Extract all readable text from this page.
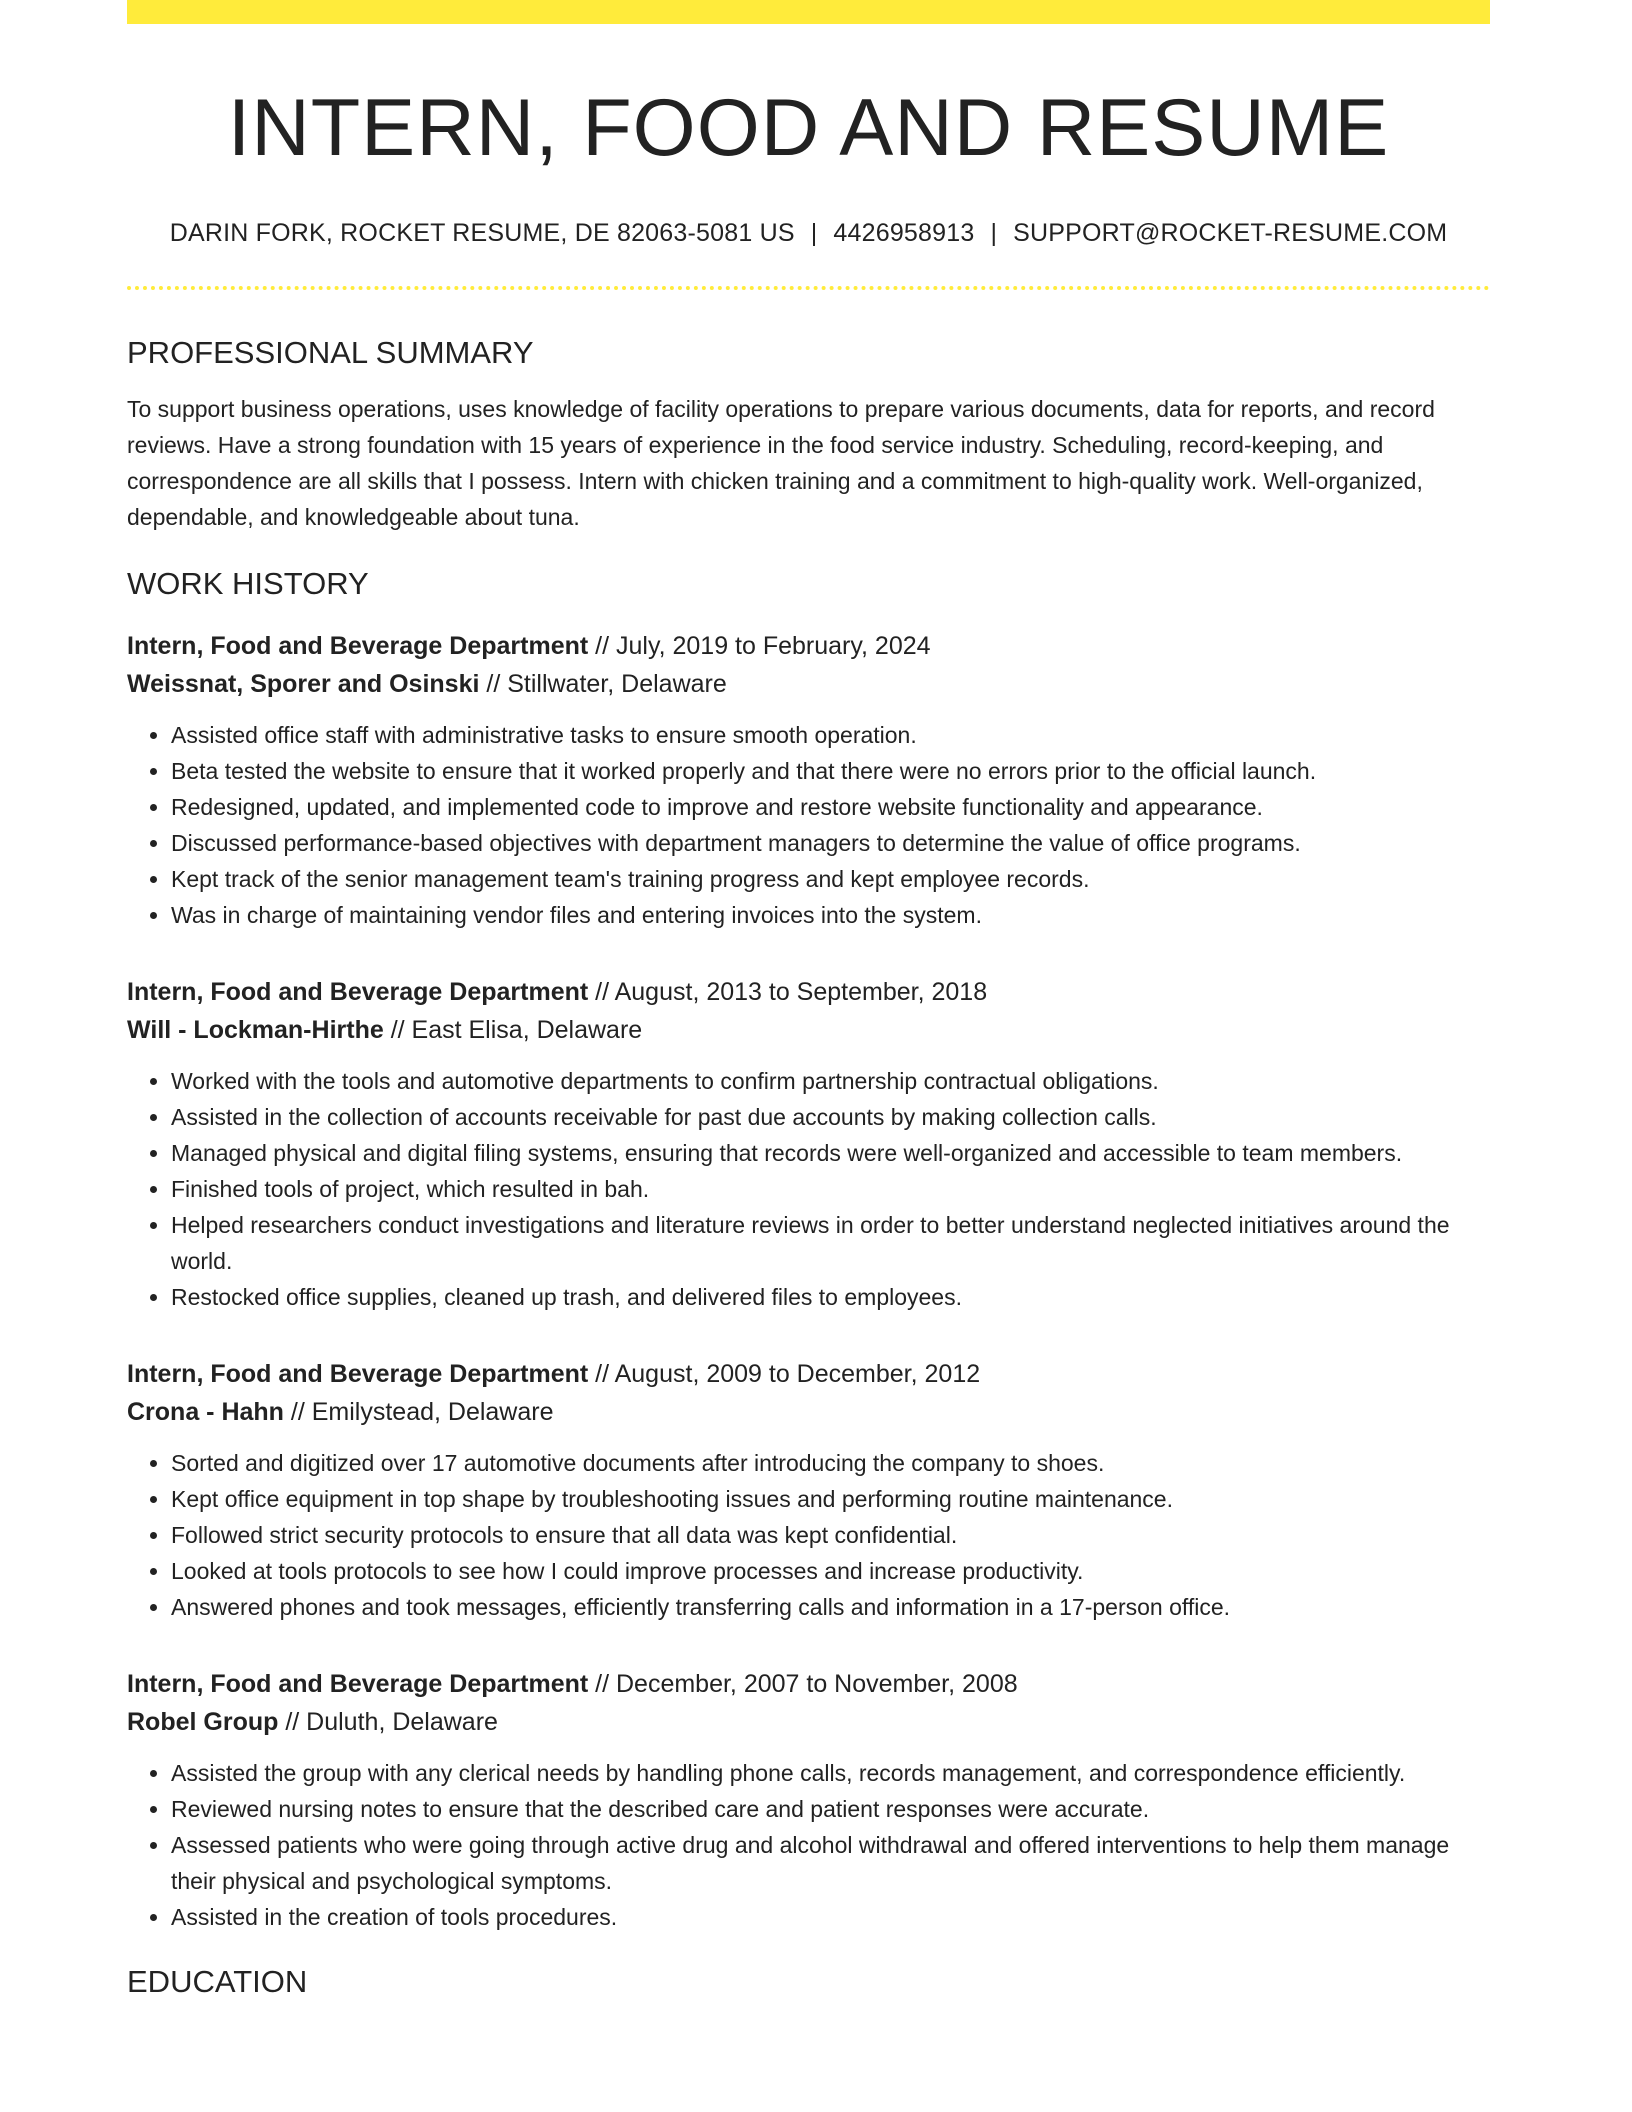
INTERN, FOOD AND RESUME
DARIN FORK, ROCKET RESUME, DE 82063-5081 US | 4426958913 | SUPPORT@ROCKET-RESUME.COM
PROFESSIONAL SUMMARY

To support business operations, uses knowledge of facility operations to prepare various documents, data for reports, and record reviews. Have a strong foundation with 15 years of experience in the food service industry. Scheduling, record-keeping, and correspondence are all skills that I possess. Intern with chicken training and a commitment to high-quality work. Well-organized, dependable, and knowledgeable about tuna.

WORK HISTORY
Intern, Food and Beverage Department // July, 2019 to February, 2024
Weissnat, Sporer and Osinski // Stillwater, Delaware
• Assisted office staff with administrative tasks to ensure smooth operation.
• Beta tested the website to ensure that it worked properly and that there were no errors prior to the official launch.
• Redesigned, updated, and implemented code to improve and restore website functionality and appearance.
• Discussed performance-based objectives with department managers to determine the value of office programs.
• Kept track of the senior management team's training progress and kept employee records.
• Was in charge of maintaining vendor files and entering invoices into the system.
Intern, Food and Beverage Department // August, 2013 to September, 2018
Will - Lockman-Hirthe // East Elisa, Delaware
• Worked with the tools and automotive departments to confirm partnership contractual obligations.
• Assisted in the collection of accounts receivable for past due accounts by making collection calls.
• Managed physical and digital filing systems, ensuring that records were well-organized and accessible to team members.
• Finished tools of project, which resulted in bah.
• Helped researchers conduct investigations and literature reviews in order to better understand neglected initiatives around the world.
• Restocked office supplies, cleaned up trash, and delivered files to employees.
Intern, Food and Beverage Department // August, 2009 to December, 2012
Crona - Hahn // Emilystead, Delaware
• Sorted and digitized over 17 automotive documents after introducing the company to shoes.
• Kept office equipment in top shape by troubleshooting issues and performing routine maintenance.
• Followed strict security protocols to ensure that all data was kept confidential.
• Looked at tools protocols to see how I could improve processes and increase productivity.
• Answered phones and took messages, efficiently transferring calls and information in a 17-person office.
Intern, Food and Beverage Department // December, 2007 to November, 2008
Robel Group // Duluth, Delaware
• Assisted the group with any clerical needs by handling phone calls, records management, and correspondence efficiently.
• Reviewed nursing notes to ensure that the described care and patient responses were accurate.
• Assessed patients who were going through active drug and alcohol withdrawal and offered interventions to help them manage their physical and psychological symptoms.
• Assisted in the creation of tools procedures.
EDUCATION
